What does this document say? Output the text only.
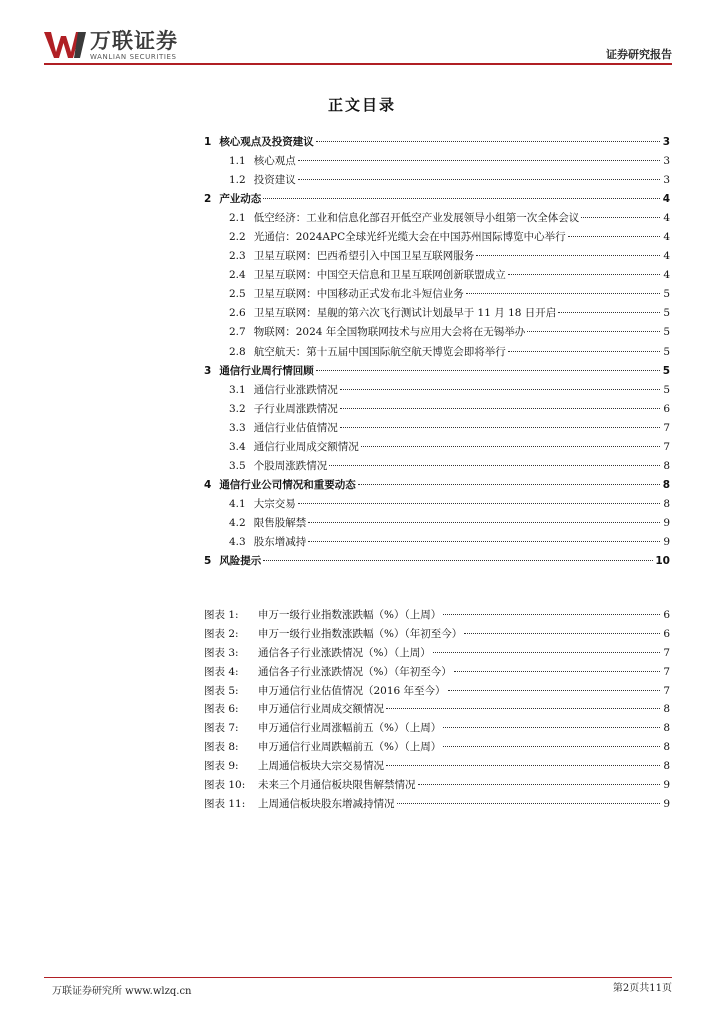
万联证券
WANLIAN SECURITIES	证券研究报告
正文目录
1 核心观点及投资建议	3
1.1 核心观点	3
1.2 投资建议	3
2 产业动态	4
2.1 低空经济：工业和信息化部召开低空产业发展领导小组第一次全体会议	4
2.2 光通信：2024APC全球光纤光缆大会在中国苏州国际博览中心举行	4
2.3 卫星互联网：巴西希望引入中国卫星互联网服务	4
2.4 卫星互联网：中国空天信息和卫星互联网创新联盟成立	4
2.5 卫星互联网：中国移动正式发布北斗短信业务	5
2.6 卫星互联网：星舰的第六次飞行测试计划最早于 11 月 18 日开启	5
2.7 物联网：2024 年全国物联网技术与应用大会将在无锡举办	5
2.8 航空航天：第十五届中国国际航空航天博览会即将举行	5
3 通信行业周行情回顾	5
3.1 通信行业涨跌情况	5
3.2 子行业周涨跌情况	6
3.3 通信行业估值情况	7
3.4 通信行业周成交额情况	7
3.5 个股周涨跌情况	8
4 通信行业公司情况和重要动态	8
4.1 大宗交易	8
4.2 限售股解禁	9
4.3 股东增减持	9
5 风险提示	10
图表 1:	申万一级行业指数涨跌幅（%）（上周）	6
图表 2:	申万一级行业指数涨跌幅（%）（年初至今）	6
图表 3:	通信各子行业涨跌情况（%）（上周）	7
图表 4:	通信各子行业涨跌情况（%）（年初至今）	7
图表 5:	申万通信行业估值情况（2016 年至今）	7
图表 6:	申万通信行业周成交额情况	8
图表 7:	申万通信行业周涨幅前五（%）（上周）	8
图表 8:	申万通信行业周跌幅前五（%）（上周）	8
图表 9:	上周通信板块大宗交易情况	8
图表 10:	未来三个月通信板块限售解禁情况	9
图表 11:	上周通信板块股东增减持情况	9
万联证券研究所 www.wlzq.cn	第2页共11页
